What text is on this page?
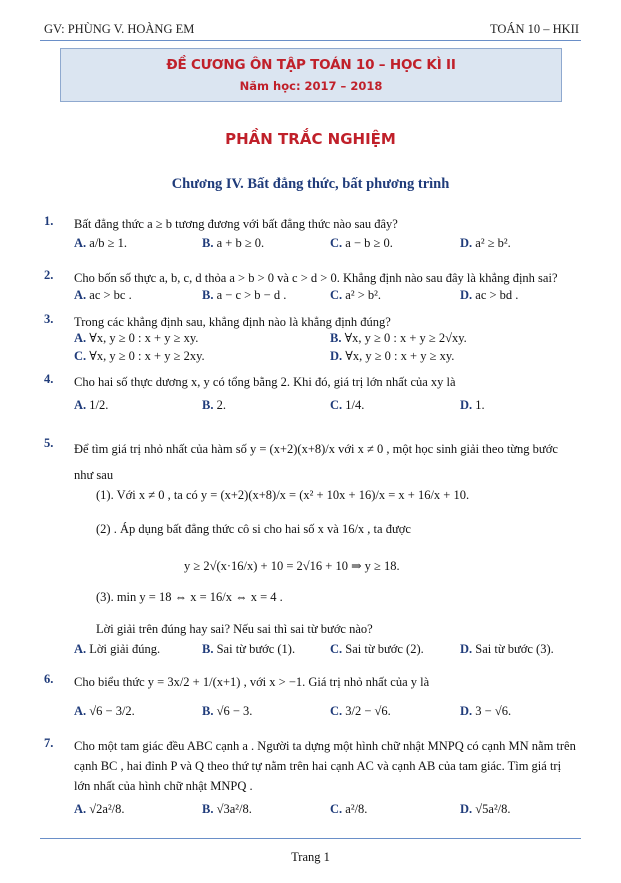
GV: PHÙNG V. HOÀNG EM	TOÁN 10 – HKII
ĐỀ CƯƠNG ÔN TẬP TOÁN 10 – HỌC KÌ II
Năm học: 2017 – 2018
PHẦN TRẮC NGHIỆM
Chương IV. Bất đẳng thức, bất phương trình
1. Bất đẳng thức a ≥ b tương đương với bất đẳng thức nào sau đây?
A. a/b ≥ 1.	B. a + b ≥ 0.	C. a − b ≥ 0.	D. a² ≥ b².
2. Cho bốn số thực a, b, c, d thỏa a > b > 0 và c > d > 0. Khẳng định nào sau đây là khẳng định sai?
A. ac > bc .	B. a − c > b − d .	C. a² > b².	D. ac > bd .
3. Trong các khẳng định sau, khẳng định nào là khẳng định đúng?
A. ∀x, y ≥ 0 : x + y ≥ xy.	B. ∀x, y ≥ 0 : x + y ≥ 2√xy.
C. ∀x, y ≥ 0 : x + y ≥ 2xy.	D. ∀x, y ≥ 0 : x + y ≥ xy.
4. Cho hai số thực dương x, y có tổng bằng 2. Khi đó, giá trị lớn nhất của xy là
A. 1/2.	B. 2.	C. 1/4.	D. 1.
5. Để tìm giá trị nhỏ nhất của hàm số y = (x+2)(x+8)/x với x ≠ 0 , một học sinh giải theo từng bước như sau
(1). Với x ≠ 0 , ta có y = (x+2)(x+8)/x = (x² + 10x + 16)/x = x + 16/x + 10.
(2) . Áp dụng bất đẳng thức cô si cho hai số x và 16/x , ta được
y ≥ 2√(x·16/x) + 10 = 2√16 + 10 ⇒ y ≥ 18.
(3). min y = 18 ⇔ x = 16/x ⇔ x = 4 .
Lời giải trên đúng hay sai? Nếu sai thì sai từ bước nào?
A. Lời giải đúng.	B. Sai từ bước (1).	C. Sai từ bước (2).	D. Sai từ bước (3).
6. Cho biểu thức y = 3x/2 + 1/(x+1) , với x > −1. Giá trị nhỏ nhất của y là
A. √6 − 3/2.	B. √6 − 3.	C. 3/2 − √6.	D. 3 − √6.
7. Cho một tam giác đều ABC cạnh a . Người ta dựng một hình chữ nhật MNPQ có cạnh MN nằm trên cạnh BC , hai đỉnh P và Q theo thứ tự nằm trên hai cạnh AC và cạnh AB của tam giác. Tìm giá trị lớn nhất của hình chữ nhật MNPQ .
A. √2a²/8.	B. √3a²/8.	C. a²/8.	D. √5a²/8.
Trang 1
